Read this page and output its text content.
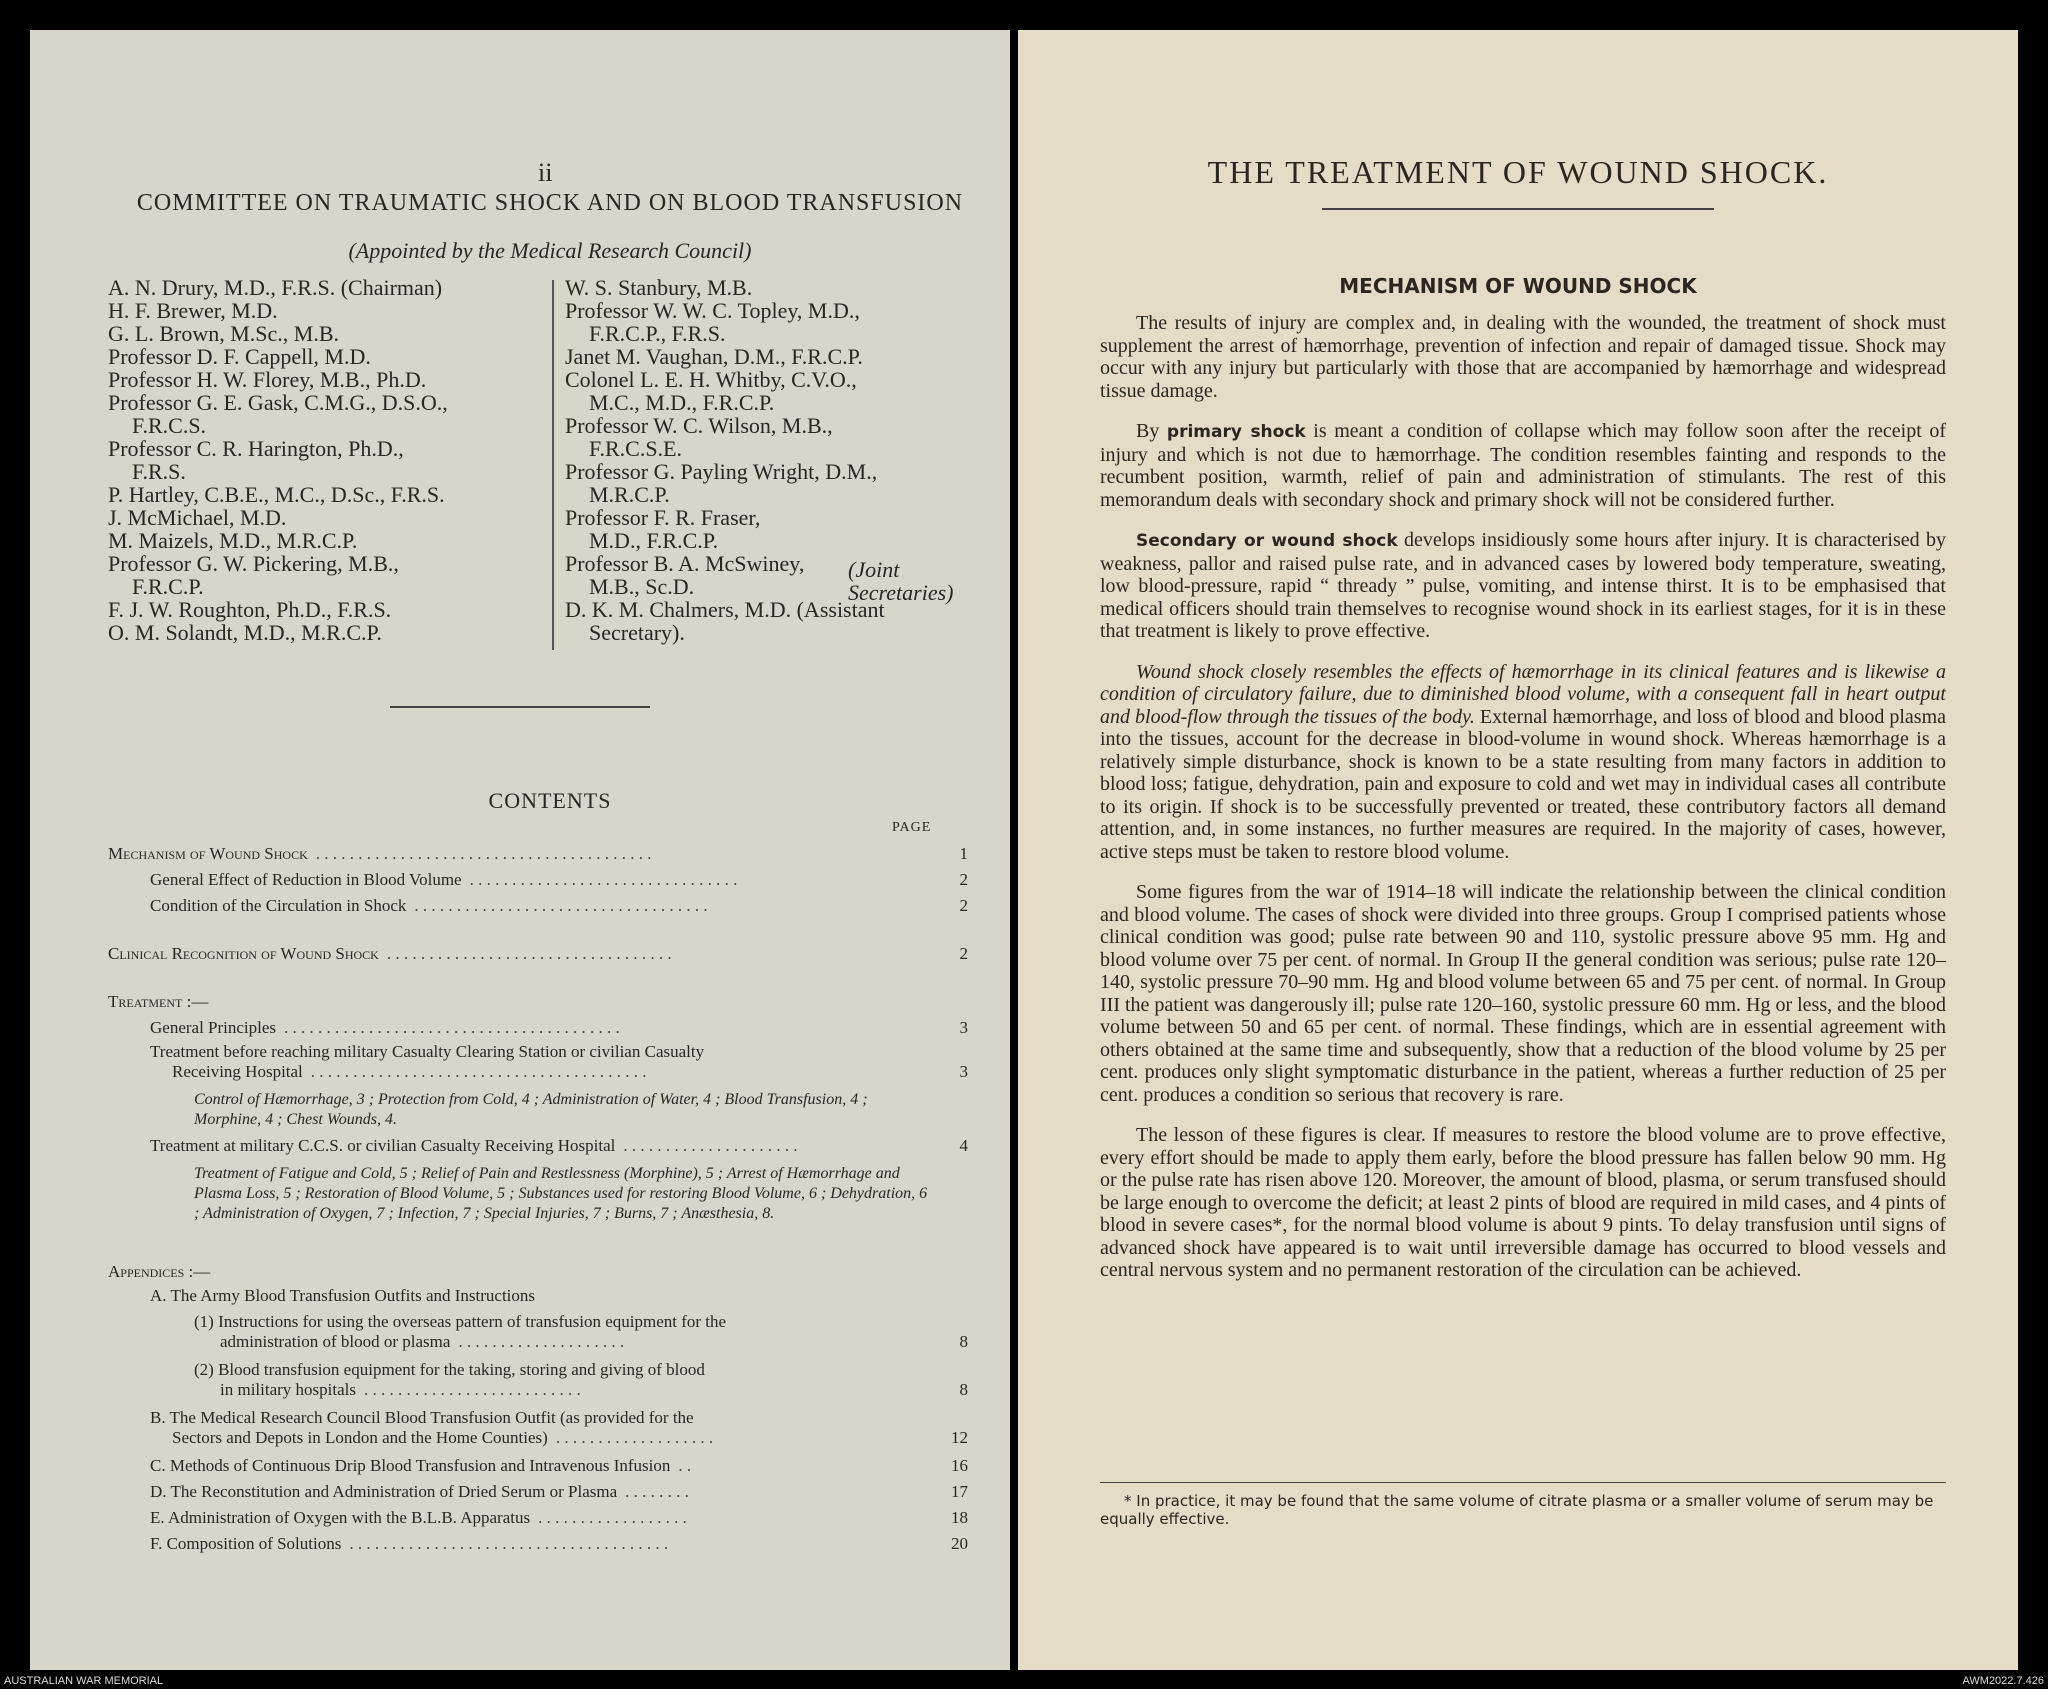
ii
COMMITTEE ON TRAUMATIC SHOCK AND ON BLOOD TRANSFUSION
(Appointed by the Medical Research Council)
A. N. Drury, M.D., F.R.S. (Chairman)
H. F. Brewer, M.D.
G. L. Brown, M.Sc., M.B.
Professor D. F. Cappell, M.D.
Professor H. W. Florey, M.B., Ph.D.
Professor G. E. Gask, C.M.G., D.S.O.,
F.R.C.S.
Professor C. R. Harington, Ph.D.,
F.R.S.
P. Hartley, C.B.E., M.C., D.Sc., F.R.S.
J. McMichael, M.D.
M. Maizels, M.D., M.R.C.P.
Professor G. W. Pickering, M.B.,
F.R.C.P.
F. J. W. Roughton, Ph.D., F.R.S.
O. M. Solandt, M.D., M.R.C.P.
W. S. Stanbury, M.B.
Professor W. W. C. Topley, M.D.,
F.R.C.P., F.R.S.
Janet M. Vaughan, D.M., F.R.C.P.
Colonel L. E. H. Whitby, C.V.O.,
M.C., M.D., F.R.C.P.
Professor W. C. Wilson, M.B.,
F.R.C.S.E.
Professor G. Payling Wright, D.M.,
M.R.C.P.
Professor F. R. Fraser,
M.D., F.R.C.P.
Professor B. A. McSwiney,
M.B., Sc.D.
D. K. M. Chalmers, M.D. (Assistant
Secretary).
(Joint Secretaries)
CONTENTS
PAGE
Mechanism of Wound Shock . . . . . . . . . . . . . . . . . . . . . . . . . . . . . . . . . . . . . . . .	1
General Effect of Reduction in Blood Volume . . . . . . . . . . . . . . . . . . . . . . . . . . . . . . . .	2
Condition of the Circulation in Shock . . . . . . . . . . . . . . . . . . . . . . . . . . . . . . . . . . .	2
Clinical Recognition of Wound Shock . . . . . . . . . . . . . . . . . . . . . . . . . . . . . . . . . .	2
Treatment :—
General Principles . . . . . . . . . . . . . . . . . . . . . . . . . . . . . . . . . . . . . . . .	3
Treatment before reaching military Casualty Clearing Station or civilian Casualty
Receiving Hospital . . . . . . . . . . . . . . . . . . . . . . . . . . . . . . . . . . . . . . . .	3
Control of Hæmorrhage, 3 ; Protection from Cold, 4 ; Administration of Water, 4 ; Blood Transfusion, 4 ; Morphine, 4 ; Chest Wounds, 4.
Treatment at military C.C.S. or civilian Casualty Receiving Hospital . . . . . . . . . . . . . . . . . . . . .	4
Treatment of Fatigue and Cold, 5 ; Relief of Pain and Restlessness (Morphine), 5 ; Arrest of Hæmorrhage and Plasma Loss, 5 ; Restoration of Blood Volume, 5 ; Substances used for restoring Blood Volume, 6 ; Dehydration, 6 ; Administration of Oxygen, 7 ; Infection, 7 ; Special Injuries, 7 ; Burns, 7 ; Anæsthesia, 8.
Appendices :—
A. The Army Blood Transfusion Outfits and Instructions
(1) Instructions for using the overseas pattern of transfusion equipment for the
administration of blood or plasma . . . . . . . . . . . . . . . . . . . .	8
(2) Blood transfusion equipment for the taking, storing and giving of blood
in military hospitals . . . . . . . . . . . . . . . . . . . . . . . . . .	8
B. The Medical Research Council Blood Transfusion Outfit (as provided for the
Sectors and Depots in London and the Home Counties) . . . . . . . . . . . . . . . . . . .	12
C. Methods of Continuous Drip Blood Transfusion and Intravenous Infusion . .	16
D. The Reconstitution and Administration of Dried Serum or Plasma . . . . . . . .	17
E. Administration of Oxygen with the B.L.B. Apparatus . . . . . . . . . . . . . . . . . .	18
F. Composition of Solutions . . . . . . . . . . . . . . . . . . . . . . . . . . . . . . . . . . . . . .	20
THE TREATMENT OF WOUND SHOCK.
MECHANISM OF WOUND SHOCK

The results of injury are complex and, in dealing with the wounded, the treatment of shock must supplement the arrest of hæmorrhage, prevention of infection and repair of damaged tissue. Shock may occur with any injury but particularly with those that are accompanied by hæmorrhage and widespread tissue damage.

By primary shock is meant a condition of collapse which may follow soon after the receipt of injury and which is not due to hæmorrhage. The condition resembles fainting and responds to the recumbent position, warmth, relief of pain and administration of stimulants. The rest of this memorandum deals with secondary shock and primary shock will not be considered further.

Secondary or wound shock develops insidiously some hours after injury. It is characterised by weakness, pallor and raised pulse rate, and in advanced cases by lowered body temperature, sweating, low blood-pressure, rapid “ thready ” pulse, vomiting, and intense thirst. It is to be emphasised that medical officers should train themselves to recognise wound shock in its earliest stages, for it is in these that treatment is likely to prove effective.

Wound shock closely resembles the effects of hæmorrhage in its clinical features and is likewise a condition of circulatory failure, due to diminished blood volume, with a consequent fall in heart output and blood-flow through the tissues of the body. External hæmorrhage, and loss of blood and blood plasma into the tissues, account for the decrease in blood-volume in wound shock. Whereas hæmorrhage is a relatively simple disturbance, shock is known to be a state resulting from many factors in addition to blood loss; fatigue, dehydration, pain and exposure to cold and wet may in individual cases all contribute to its origin. If shock is to be successfully prevented or treated, these contributory factors all demand attention, and, in some instances, no further measures are required. In the majority of cases, however, active steps must be taken to restore blood volume.

Some figures from the war of 1914–18 will indicate the relationship between the clinical condition and blood volume. The cases of shock were divided into three groups. Group I comprised patients whose clinical condition was good; pulse rate between 90 and 110, systolic pressure above 95 mm. Hg and blood volume over 75 per cent. of normal. In Group II the general condition was serious; pulse rate 120–140, systolic pressure 70–90 mm. Hg and blood volume between 65 and 75 per cent. of normal. In Group III the patient was dangerously ill; pulse rate 120–160, systolic pressure 60 mm. Hg or less, and the blood volume between 50 and 65 per cent. of normal. These findings, which are in essential agreement with others obtained at the same time and subsequently, show that a reduction of the blood volume by 25 per cent. produces only slight symptomatic disturbance in the patient, whereas a further reduction of 25 per cent. produces a condition so serious that recovery is rare.

The lesson of these figures is clear. If measures to restore the blood volume are to prove effective, every effort should be made to apply them early, before the blood pressure has fallen below 90 mm. Hg or the pulse rate has risen above 120. Moreover, the amount of blood, plasma, or serum transfused should be large enough to overcome the deficit; at least 2 pints of blood are required in mild cases, and 4 pints of blood in severe cases*, for the normal blood volume is about 9 pints. To delay transfusion until signs of advanced shock have appeared is to wait until irreversible damage has occurred to blood vessels and central nervous system and no permanent restoration of the circulation can be achieved.

* In practice, it may be found that the same volume of citrate plasma or a smaller volume of serum may be equally effective.
AUSTRALIAN WAR MEMORIAL	AWM2022.7.426
